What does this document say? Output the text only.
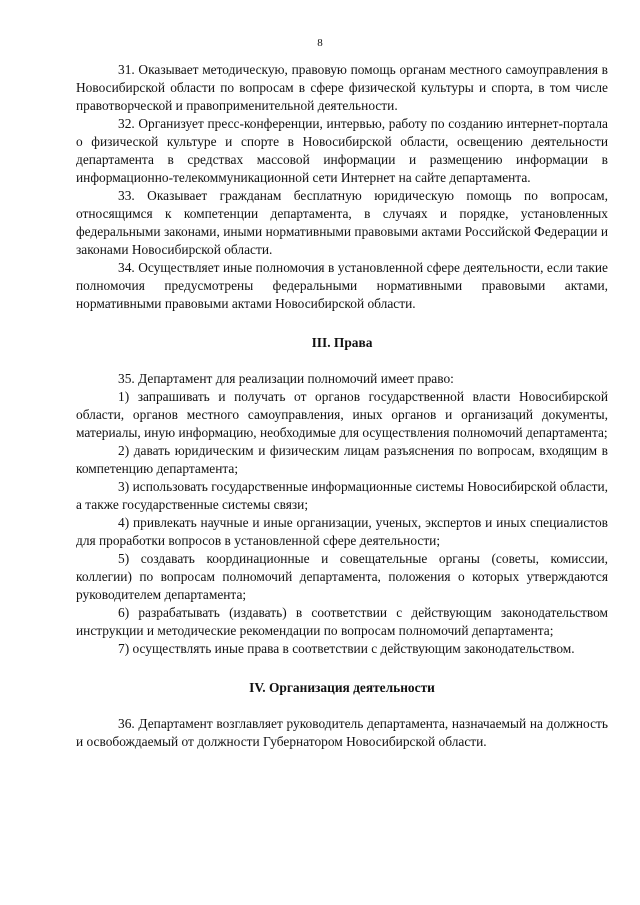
8

31. Оказывает методическую, правовую помощь органам местного самоуправления в Новосибирской области по вопросам в сфере физической культуры и спорта, в том числе правотворческой и правоприменительной деятельности.

32. Организует пресс-конференции, интервью, работу по созданию интернет-портала о физической культуре и спорте в Новосибирской области, освещению деятельности департамента в средствах массовой информации и размещению информации в информационно-телекоммуникационной сети Интернет на сайте департамента.

33. Оказывает гражданам бесплатную юридическую помощь по вопросам, относящимся к компетенции департамента, в случаях и порядке, установленных федеральными законами, иными нормативными правовыми актами Российской Федерации и законами Новосибирской области.

34. Осуществляет иные полномочия в установленной сфере деятельности, если такие полномочия предусмотрены федеральными нормативными правовыми актами, нормативными правовыми актами Новосибирской области.

III. Права

35. Департамент для реализации полномочий имеет право:

1) запрашивать и получать от органов государственной власти Новосибирской области, органов местного самоуправления, иных органов и организаций документы, материалы, иную информацию, необходимые для осуществления полномочий департамента;

2) давать юридическим и физическим лицам разъяснения по вопросам, входящим в компетенцию департамента;

3) использовать государственные информационные системы Новосибирской области, а также государственные системы связи;

4) привлекать научные и иные организации, ученых, экспертов и иных специалистов для проработки вопросов в установленной сфере деятельности;

5) создавать координационные и совещательные органы (советы, комиссии, коллегии) по вопросам полномочий департамента, положения о которых утверждаются руководителем департамента;

6) разрабатывать (издавать) в соответствии с действующим законодательством инструкции и методические рекомендации по вопросам полномочий департамента;

7) осуществлять иные права в соответствии с действующим законодательством.

IV. Организация деятельности

36. Департамент возглавляет руководитель департамента, назначаемый на должность и освобождаемый от должности Губернатором Новосибирской области.
